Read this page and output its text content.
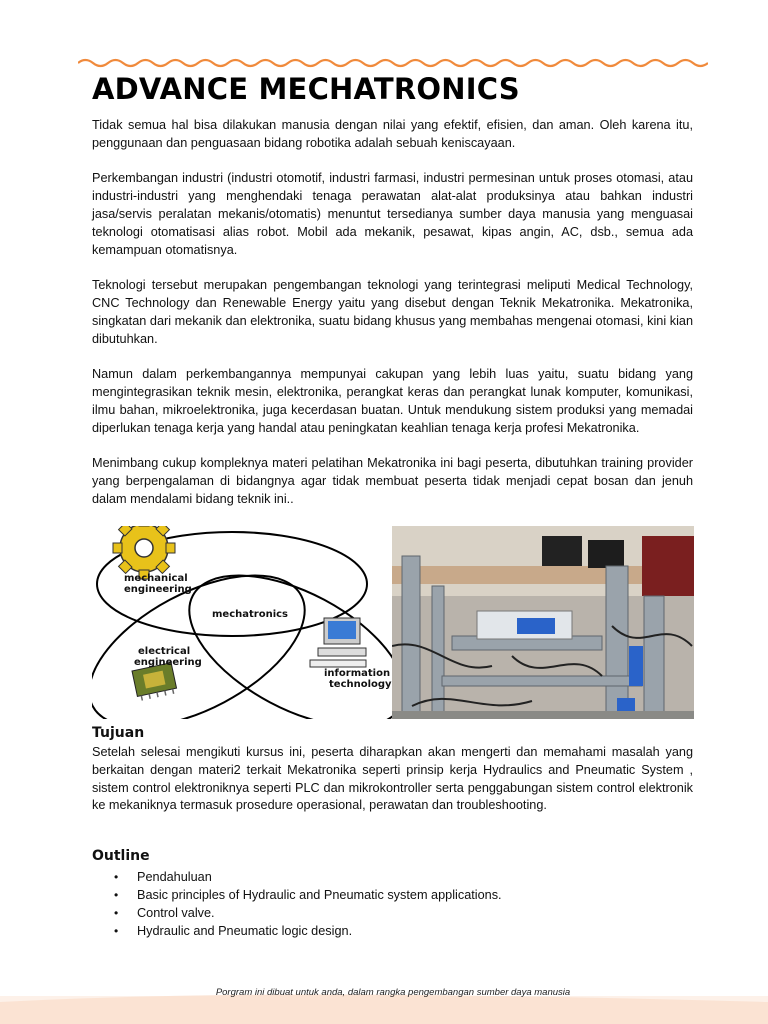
ADVANCE MECHATRONICS

Tidak semua hal bisa dilakukan manusia dengan nilai yang efektif, efisien, dan aman. Oleh karena itu, penggunaan dan penguasaan bidang robotika adalah sebuah keniscayaan.

Perkembangan industri (industri otomotif, industri farmasi, industri permesinan untuk proses otomasi, atau industri-industri yang menghendaki tenaga perawatan alat-alat produksinya atau bahkan industri jasa/servis peralatan mekanis/otomatis) menuntut tersedianya sumber daya manusia yang menguasai teknologi otomatisasi alias robot. Mobil ada mekanik, pesawat, kipas angin, AC, dsb., semua ada kemampuan otomatisnya.

Teknologi tersebut merupakan pengembangan teknologi yang terintegrasi meliputi Medical Technology, CNC Technology dan Renewable Energy yaitu yang disebut dengan Teknik Mekatronika. Mekatronika, singkatan dari mekanik dan elektronika, suatu bidang khusus yang membahas mengenai otomasi, kini kian dibutuhkan.

Namun dalam perkembangannya mempunyai cakupan yang lebih luas yaitu, suatu bidang yang mengintegrasikan teknik mesin, elektronika, perangkat keras dan perangkat lunak komputer, komunikasi, ilmu bahan, mikroelektronika, juga kecerdasan buatan. Untuk mendukung sistem produksi yang memadai diperlukan tenaga kerja yang handal atau peningkatan keahlian tenaga kerja profesi Mekatronika.

Menimbang cukup kompleknya materi pelatihan Mekatronika ini bagi peserta, dibutuhkan training provider yang berpengalaman di bidangnya agar tidak membuat peserta tidak menjadi cepat bosan dan jenuh dalam mendalami bidang teknik ini..

mechanical
engineering
mechatronics
electrical
engineering
information
technology
Tujuan

Setelah selesai mengikuti kursus ini, peserta diharapkan akan mengerti dan memahami masalah yang berkaitan dengan materi2 terkait Mekatronika seperti prinsip kerja Hydraulics and Pneumatic System , sistem control elektroniknya seperti PLC dan mikrokontroller serta penggabungan sistem control elektronik ke mekaniknya termasuk prosedure operasional, perawatan dan troubleshooting.

Outline
• Pendahuluan
• Basic principles of Hydraulic and Pneumatic system applications.
• Control valve.
• Hydraulic and Pneumatic logic design.
Porgram ini dibuat untuk anda, dalam rangka pengembangan sumber daya manusia
